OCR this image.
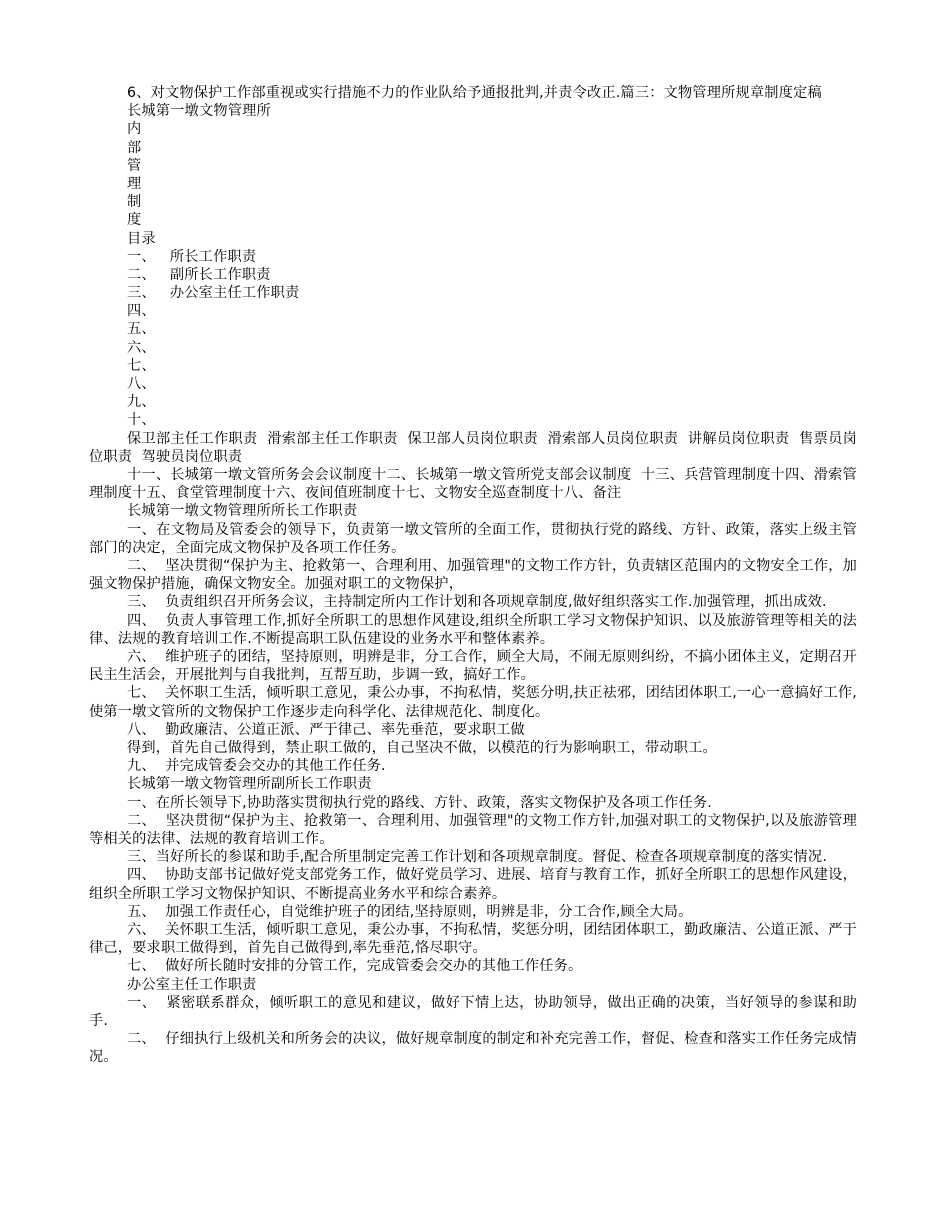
6、对文物保护工作部重视或实行措施不力的作业队给予通报批判,并责令改正.篇三：文物管理所规章制度定稿
长城第一墩文物管理所
内
部
管
理
制
度
目录
一、   所长工作职责
二、   副所长工作职责
三、   办公室主任工作职责
四、
五、
六、
七、
八、
九、
十、
保卫部主任工作职责  滑索部主任工作职责  保卫部人员岗位职责  滑索部人员岗位职责  讲解员岗位职责  售票员岗位职责  驾驶员岗位职责
十一、长城第一墩文管所务会会议制度十二、长城第一墩文管所党支部会议制度  十三、兵营管理制度十四、滑索管理制度十五、食堂管理制度十六、夜间值班制度十七、文物安全巡查制度十八、备注
长城第一墩文物管理所所长工作职责
一、在文物局及管委会的领导下，负责第一墩文管所的全面工作，贯彻执行党的路线、方针、政策，落实上级主管部门的决定，全面完成文物保护及各项工作任务。
二、  坚决贯彻“保护为主、抢救第一、合理利用、加强管理"的文物工作方针，负责辖区范围内的文物安全工作，加强文物保护措施，确保文物安全。加强对职工的文物保护，
三、  负责组织召开所务会议，主持制定所内工作计划和各项规章制度,做好组织落实工作.加强管理，抓出成效.
四、  负责人事管理工作,抓好全所职工的思想作风建设,组织全所职工学习文物保护知识、以及旅游管理等相关的法律、法规的教育培训工作.不断提高职工队伍建设的业务水平和整体素养。
六、  维护班子的团结，坚持原则，明辨是非，分工合作，顾全大局，不闹无原则纠纷，不搞小团体主义，定期召开民主生活会，开展批判与自我批判，互帮互助，步调一致，搞好工作。
七、  关怀职工生活，倾听职工意见，秉公办事，不拘私情，奖惩分明,扶正祛邪，团结团体职工,一心一意搞好工作,使第一墩文管所的文物保护工作逐步走向科学化、法律规范化、制度化。
八、  勤政廉洁、公道正派、严于律己、率先垂范，要求职工做
得到，首先自己做得到，禁止职工做的，自己坚决不做，以模范的行为影响职工，带动职工。
九、  并完成管委会交办的其他工作任务.
长城第一墩文物管理所副所长工作职责
一、在所长领导下,协助落实贯彻执行党的路线、方针、政策，落实文物保护及各项工作任务.
二、  坚决贯彻“保护为主、抢救第一、合理利用、加强管理"的文物工作方针,加强对职工的文物保护,以及旅游管理等相关的法律、法规的教育培训工作。
三、当好所长的参谋和助手,配合所里制定完善工作计划和各项规章制度。督促、检查各项规章制度的落实情况.
四、  协助支部书记做好党支部党务工作，做好党员学习、进展、培育与教育工作，抓好全所职工的思想作风建设，组织全所职工学习文物保护知识、不断提高业务水平和综合素养。
五、  加强工作责任心，自觉维护班子的团结,坚持原则，明辨是非，分工合作,顾全大局。
六、  关怀职工生活，倾听职工意见，秉公办事，不拘私情，奖惩分明，团结团体职工，勤政廉洁、公道正派、严于律己，要求职工做得到，首先自己做得到,率先垂范,恪尽职守。
七、  做好所长随时安排的分管工作，完成管委会交办的其他工作任务。
办公室主任工作职责
一、  紧密联系群众，倾听职工的意见和建议，做好下情上达，协助领导，做出正确的决策，当好领导的参谋和助手.
二、  仔细执行上级机关和所务会的决议，做好规章制度的制定和补充完善工作，督促、检查和落实工作任务完成情况。
